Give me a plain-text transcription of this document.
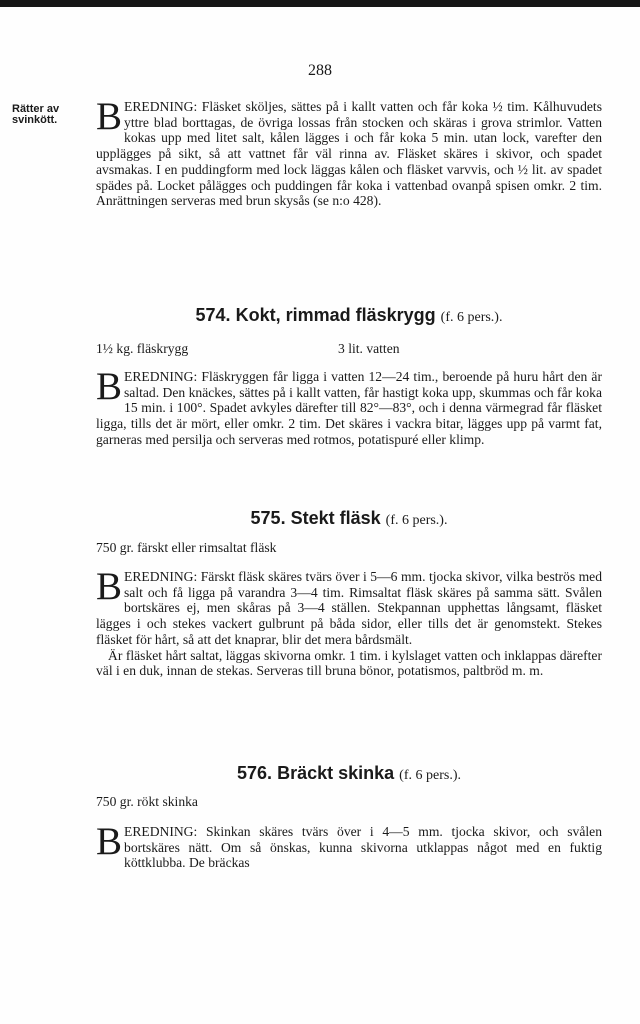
288
Rätter av
svinkött. BEREDNING: Fläsket sköljes, sättes på i kallt vatten och får koka ½ tim. Kålhuvudets yttre blad borttagas, de övriga lossas från stocken och skäras i grova strimlor. Vatten kokas upp med litet salt, kålen lägges i och får koka 5 min. utan lock, varefter den upplägges på sikt, så att vattnet får väl rinna av. Fläsket skäres i skivor, och spadet avsmakas. I en puddingform med lock läggas kålen och fläsket varvvis, och ½ lit. av spadet spädes på. Locket pålägges och puddingen får koka i vattenbad ovanpå spisen omkr. 2 tim. Anrättningen serveras med brun skysås (se n:o 428).

574. Kokt, rimmad fläskrygg (f. 6 pers.).
1½ kg. fläskrygg	3 lit. vatten

BEREDNING: Fläskryggen får ligga i vatten 12—24 tim., beroende på huru hårt den är saltad. Den knäckes, sättes på i kallt vatten, får hastigt koka upp, skummas och får koka 15 min. i 100°. Spadet avkyles därefter till 82°—83°, och i denna värmegrad får fläsket ligga, tills det är mört, eller omkr. 2 tim. Det skäres i vackra bitar, lägges upp på varmt fat, garneras med persilja och serveras med rotmos, potatispuré eller klimp.

575. Stekt fläsk (f. 6 pers.).
750 gr. färskt eller rimsaltat fläsk

BEREDNING: Färskt fläsk skäres tvärs över i 5—6 mm. tjocka skivor, vilka beströs med salt och få ligga på varandra 3—4 tim. Rimsaltat fläsk skäres på samma sätt. Svålen bortskäres ej, men skåras på 3—4 ställen. Stekpannan upphettas långsamt, fläsket lägges i och stekes vackert gulbrunt på båda sidor, eller tills det är genomstekt. Stekes fläsket för hårt, så att det knaprar, blir det mera bårdsmält.

Är fläsket hårt saltat, läggas skivorna omkr. 1 tim. i kylslaget vatten och inklappas därefter väl i en duk, innan de stekas. Serveras till bruna bönor, potatismos, paltbröd m. m.

576. Bräckt skinka (f. 6 pers.).
750 gr. rökt skinka

BEREDNING: Skinkan skäres tvärs över i 4—5 mm. tjocka skivor, och svålen bortskäres nätt. Om så önskas, kunna skivorna utklappas något med en fuktig köttklubba. De bräckas
